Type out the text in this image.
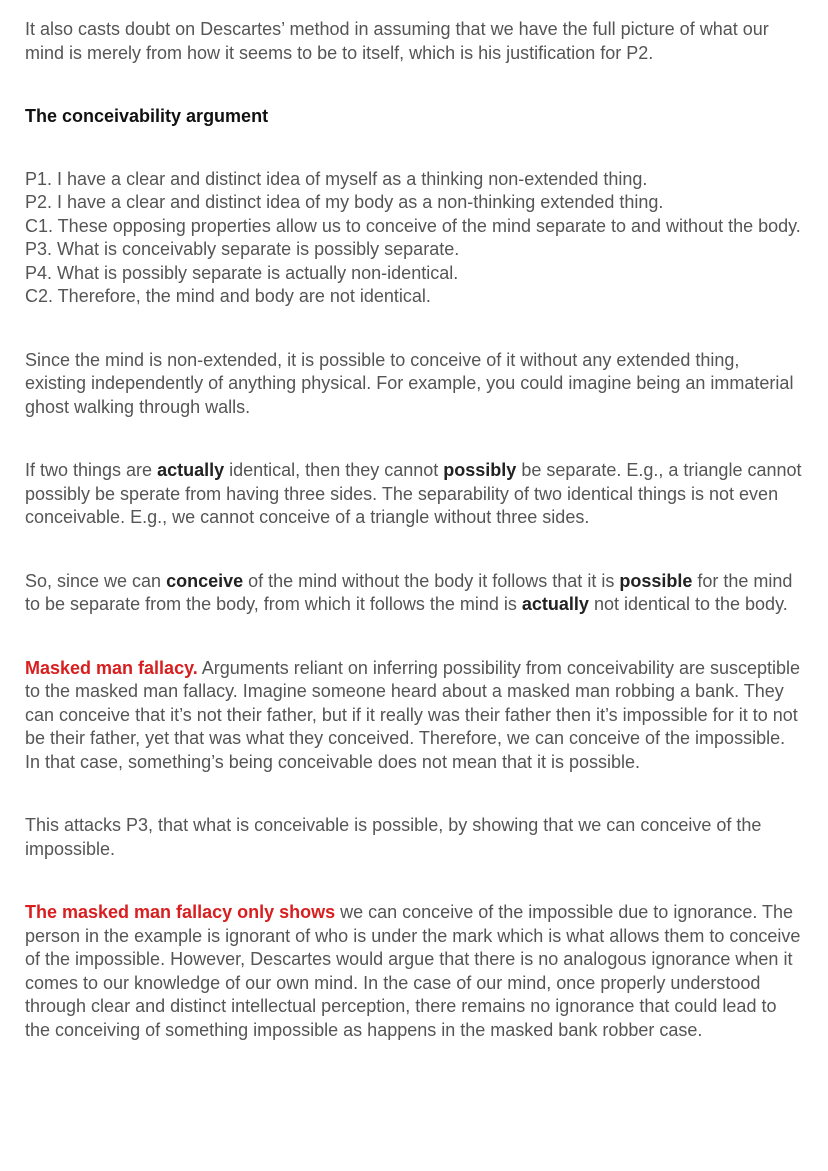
It also casts doubt on Descartes’ method in assuming that we have the full picture of what our mind is merely from how it seems to be to itself, which is his justification for P2.

The conceivability argument

P1. I have a clear and distinct idea of myself as a thinking non-extended thing.
P2. I have a clear and distinct idea of my body as a non-thinking extended thing.
C1. These opposing properties allow us to conceive of the mind separate to and without the body.
P3. What is conceivably separate is possibly separate.
P4. What is possibly separate is actually non-identical.
C2. Therefore, the mind and body are not identical.

Since the mind is non-extended, it is possible to conceive of it without any extended thing, existing independently of anything physical. For example, you could imagine being an immaterial ghost walking through walls.

If two things are actually identical, then they cannot possibly be separate. E.g., a triangle cannot possibly be sperate from having three sides. The separability of two identical things is not even conceivable. E.g., we cannot conceive of a triangle without three sides.

So, since we can conceive of the mind without the body it follows that it is possible for the mind to be separate from the body, from which it follows the mind is actually not identical to the body.

Masked man fallacy. Arguments reliant on inferring possibility from conceivability are susceptible to the masked man fallacy. Imagine someone heard about a masked man robbing a bank. They can conceive that it’s not their father, but if it really was their father then it’s impossible for it to not be their father, yet that was what they conceived. Therefore, we can conceive of the impossible. In that case, something’s being conceivable does not mean that it is possible.

This attacks P3, that what is conceivable is possible, by showing that we can conceive of the impossible.

The masked man fallacy only shows we can conceive of the impossible due to ignorance. The person in the example is ignorant of who is under the mark which is what allows them to conceive of the impossible. However, Descartes would argue that there is no analogous ignorance when it comes to our knowledge of our own mind. In the case of our mind, once properly understood through clear and distinct intellectual perception, there remains no ignorance that could lead to the conceiving of something impossible as happens in the masked bank robber case.
